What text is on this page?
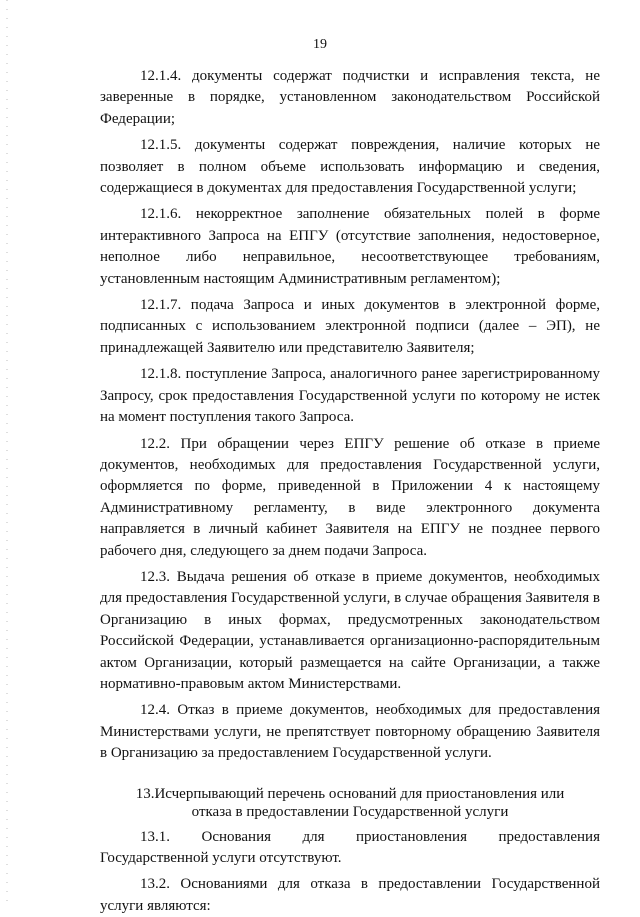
19

12.1.4. документы содержат подчистки и исправления текста, не заверенные в порядке, установленном законодательством Российской Федерации;

12.1.5. документы содержат повреждения, наличие которых не позволяет в полном объеме использовать информацию и сведения, содержащиеся в документах для предоставления Государственной услуги;

12.1.6. некорректное заполнение обязательных полей в форме интерактивного Запроса на ЕПГУ (отсутствие заполнения, недостоверное, неполное либо неправильное, несоответствующее требованиям, установленным настоящим Административным регламентом);

12.1.7. подача Запроса и иных документов в электронной форме, подписанных с использованием электронной подписи (далее – ЭП), не принадлежащей Заявителю или представителю Заявителя;

12.1.8. поступление Запроса, аналогичного ранее зарегистрированному Запросу, срок предоставления Государственной услуги по которому не истек на момент поступления такого Запроса.

12.2. При обращении через ЕПГУ решение об отказе в приеме документов, необходимых для предоставления Государственной услуги, оформляется по форме, приведенной в Приложении 4 к настоящему Административному регламенту, в виде электронного документа направляется в личный кабинет Заявителя на ЕПГУ не позднее первого рабочего дня, следующего за днем подачи Запроса.

12.3. Выдача решения об отказе в приеме документов, необходимых для предоставления Государственной услуги, в случае обращения Заявителя в Организацию в иных формах, предусмотренных законодательством Российской Федерации, устанавливается организационно-распорядительным актом Организации, который размещается на сайте Организации, а также нормативно-правовым актом Министерствами.

12.4. Отказ в приеме документов, необходимых для предоставления Министерствами услуги, не препятствует повторному обращению Заявителя в Организацию за предоставлением Государственной услуги.

13.Исчерпывающий перечень оснований для приостановления или
отказа в предоставлении Государственной услуги

13.1. Основания для приостановления предоставления Государственной услуги отсутствуют.

13.2. Основаниями для отказа в предоставлении Государственной услуги являются:
